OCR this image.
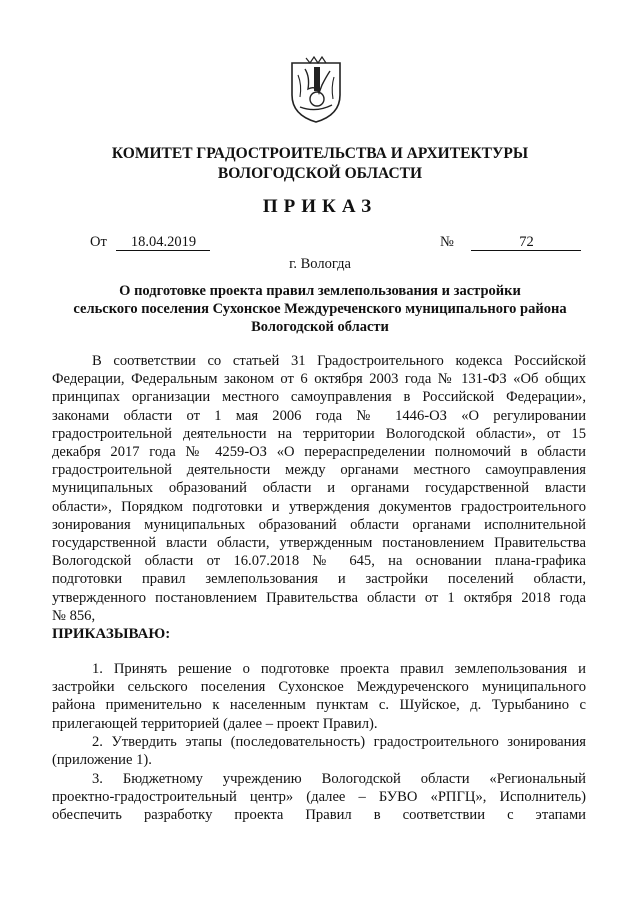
КОМИТЕТ ГРАДОСТРОИТЕЛЬСТВА И АРХИТЕКТУРЫ
ВОЛОГОДСКОЙ ОБЛАСТИ
ПРИКАЗ
От 18.04.2019	№	72
г. Вологда
О подготовке проекта правил землепользования и застройки
сельского поселения Сухонское Междуреченского муниципального района
Вологодской области
В соответствии со статьей 31 Градостроительного кодекса Российской
Федерации, Федеральным законом от 6 октября 2003 года № 131-ФЗ «Об общих
принципах организации местного самоуправления в Российской Федерации»,
законами области от 1 мая 2006 года № 1446-ОЗ «О регулировании
градостроительной деятельности на территории Вологодской области», от 15
декабря 2017 года № 4259-ОЗ «О перераспределении полномочий в области
градостроительной деятельности между органами местного самоуправления
муниципальных образований области и органами государственной власти
области», Порядком подготовки и утверждения документов градостроительного
зонирования муниципальных образований области органами исполнительной
государственной власти области, утвержденным постановлением Правительства
Вологодской области от 16.07.2018 № 645, на основании плана-графика
подготовки правил землепользования и застройки поселений области,
утвержденного постановлением Правительства области от 1 октября 2018 года
№ 856,
ПРИКАЗЫВАЮ:
1. Принять решение о подготовке проекта правил землепользования и
застройки сельского поселения Сухонское Междуреченского муниципального
района применительно к населенным пунктам с. Шуйское, д. Турыбанино с
прилегающей территорией (далее – проект Правил).
2. Утвердить этапы (последовательность) градостроительного зонирования
(приложение 1).
3. Бюджетному учреждению Вологодской области «Региональный
проектно-градостроительный центр» (далее – БУВО «РПГЦ», Исполнитель)
обеспечить разработку проекта Правил в соответствии с этапами
